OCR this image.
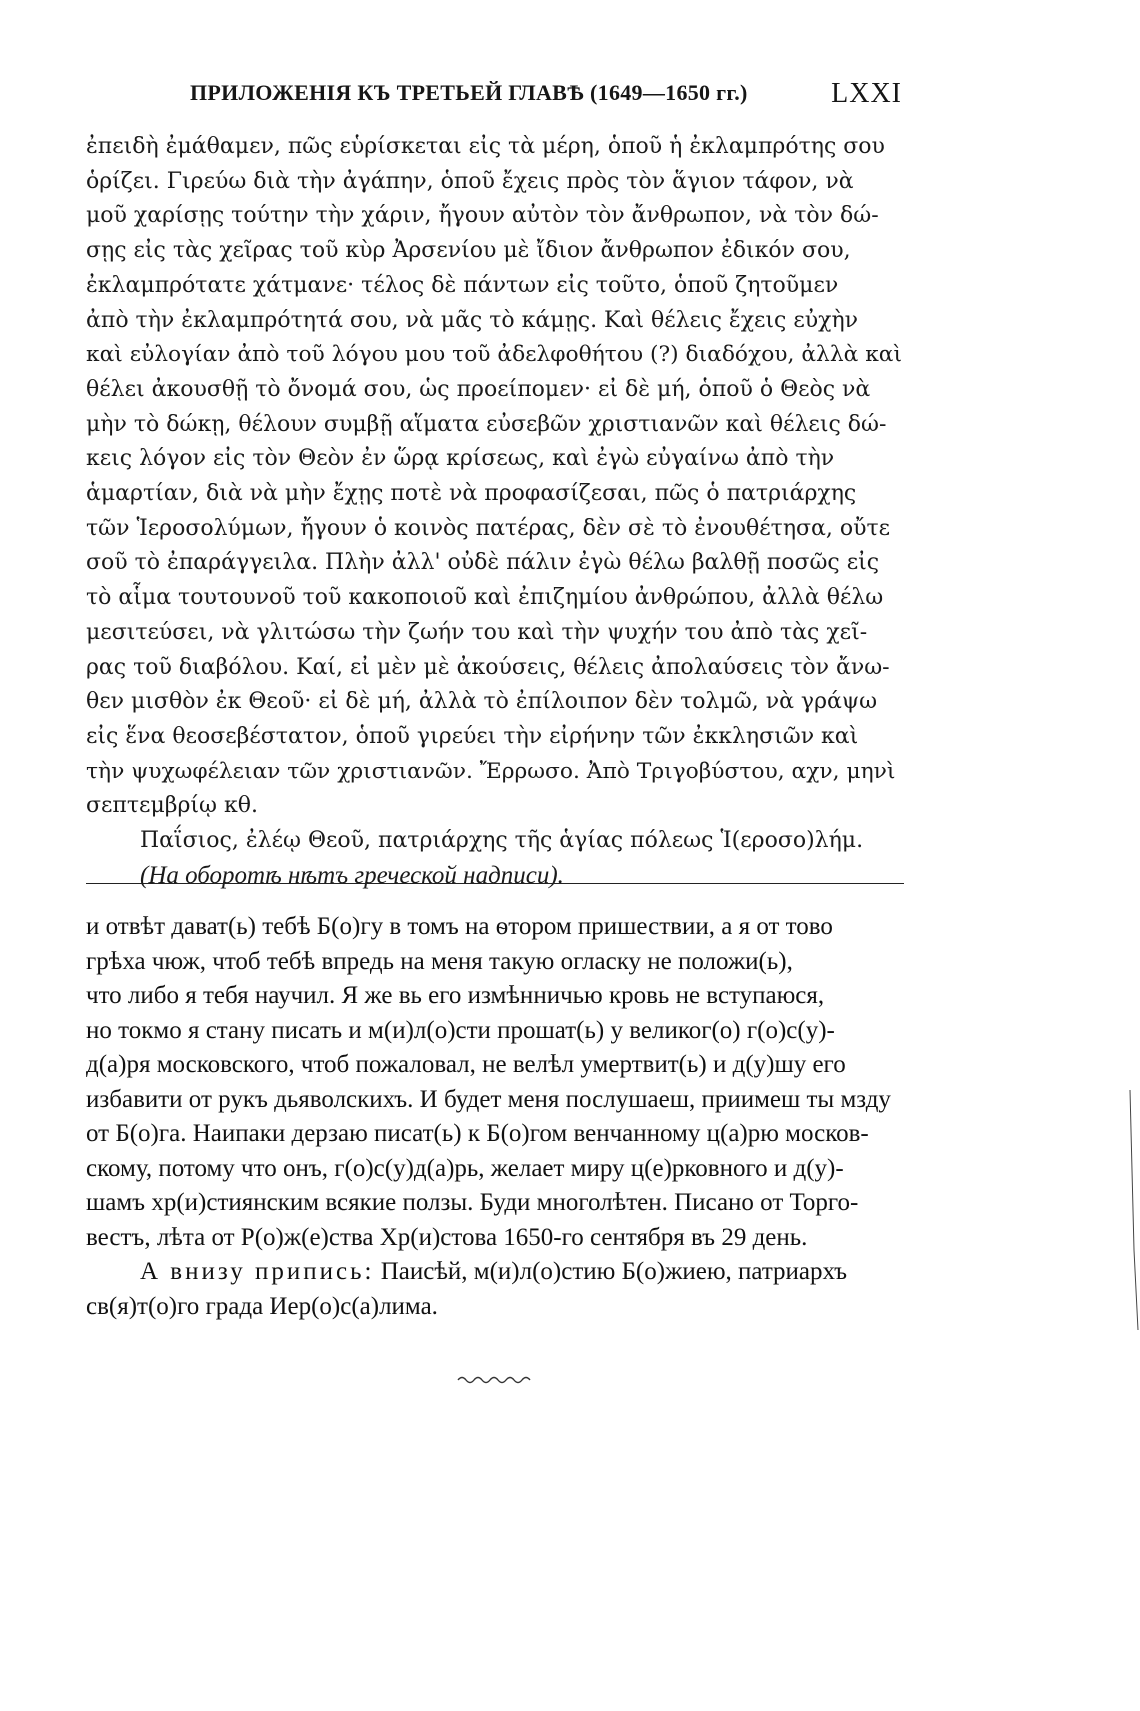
ПРИЛОЖЕНІЯ КЪ ТРЕТЬЕЙ ГЛАВѢ (1649—1650 гг.)	LXXI
ἐπειδὴ ἐμάθαμεν, πῶς εὑρίσκεται εἰς τὰ μέρη, ὁποῦ ἡ ἐκλαμπρότης σου
ὁρίζει. Γιρεύω διὰ τὴν ἀγάπην, ὁποῦ ἔχεις πρὸς τὸν ἅγιον τάφον, νὰ
μοῦ χαρίσῃς τούτην τὴν χάριν, ἤγουν αὐτὸν τὸν ἄνθρωπον, νὰ τὸν δώ-
σῃς εἰς τὰς χεῖρας τοῦ κὺρ Ἀρσενίου μὲ ἴδιον ἄνθρωπον ἐδικόν σου,
ἐκλαμπρότατε χάτμανε· τέλος δὲ πάντων εἰς τοῦτο, ὁποῦ ζητοῦμεν
ἀπὸ τὴν ἐκλαμπρότητά σου, νὰ μᾶς τὸ κάμῃς. Καὶ θέλεις ἔχεις εὐχὴν
καὶ εὐλογίαν ἀπὸ τοῦ λόγου μου τοῦ ἀδελφοθήτου (?) διαδόχου, ἀλλὰ καὶ
θέλει ἀκουσθῇ τὸ ὄνομά σου, ὡς προείπομεν· εἰ δὲ μή, ὁποῦ ὁ Θεὸς νὰ
μὴν τὸ δώκῃ, θέλουν συμβῇ αἵματα εὐσεβῶν χριστιανῶν καὶ θέλεις δώ-
κεις λόγον εἰς τὸν Θεὸν ἐν ὥρᾳ κρίσεως, καὶ ἐγὼ εὐγαίνω ἀπὸ τὴν
ἁμαρτίαν, διὰ νὰ μὴν ἔχῃς ποτὲ νὰ προφασίζεσαι, πῶς ὁ πατριάρχης
τῶν Ἱεροσολύμων, ἤγουν ὁ κοινὸς πατέρας, δὲν σὲ τὸ ἐνουθέτησα, οὔτε
σοῦ τὸ ἐπαράγγειλα. Πλὴν ἀλλ' οὐδὲ πάλιν ἐγὼ θέλω βαλθῇ ποσῶς εἰς
τὸ αἷμα τουτουνοῦ τοῦ κακοποιοῦ καὶ ἐπιζημίου ἀνθρώπου, ἀλλὰ θέλω
μεσιτεύσει, νὰ γλιτώσω τὴν ζωήν του καὶ τὴν ψυχήν του ἀπὸ τὰς χεῖ-
ρας τοῦ διαβόλου. Καί, εἰ μὲν μὲ ἀκούσεις, θέλεις ἀπολαύσεις τὸν ἄνω-
θεν μισθὸν ἐκ Θεοῦ· εἰ δὲ μή, ἀλλὰ τὸ ἐπίλοιπον δὲν τολμῶ, νὰ γράψω
εἰς ἕνα θεοσεβέστατον, ὁποῦ γιρεύει τὴν εἰρήνην τῶν ἐκκλησιῶν καὶ
τὴν ψυχωφέλειαν τῶν χριστιανῶν. Ἔρρωσο. Ἀπὸ Τριγοβύστου, αχν, μηνὶ
σεπτεμβρίῳ κθ.
Παΐσιος, ἐλέῳ Θεοῦ, πατριάρχης τῆς ἁγίας πόλεως Ἱ(εροσο)λήμ.
(На оборотѣ нѣтъ греческой надписи).
и отвѣт дават(ь) тебѣ Б(о)гу в томъ на ѳтором пришествии, а я от тово
грѣха чюж, чтоб тебѣ впредь на меня такую огласку не положи(ь),
что либо я тебя научил. Я же вь его измѣнничью кровь не вступаюся,
но токмо я стану писать и м(и)л(о)сти прошат(ь) у великог(о) г(о)с(у)-
д(а)ря московского, чтоб пожаловал, не велѣл умертвит(ь) и д(у)шу его
избавити от рукъ дьяволскихъ. И будет меня послушаеш, приимеш ты мзду
от Б(о)га. Наипаки дерзаю писат(ь) к Б(о)гом венчанному ц(а)рю москов-
скому, потому что онъ, г(о)с(у)д(а)рь, желает миру ц(е)рковного и д(у)-
шамъ хр(и)стиянским всякие ползы. Буди многолѣтен. Писано от Торго-
вестъ, лѣта от Р(о)ж(е)ства Хр(и)стова 1650-го сентября въ 29 день.
А внизу припись: Паисѣй, м(и)л(о)стию Б(о)жиею, патриархъ
св(я)т(о)го града Иер(о)с(а)лима.
